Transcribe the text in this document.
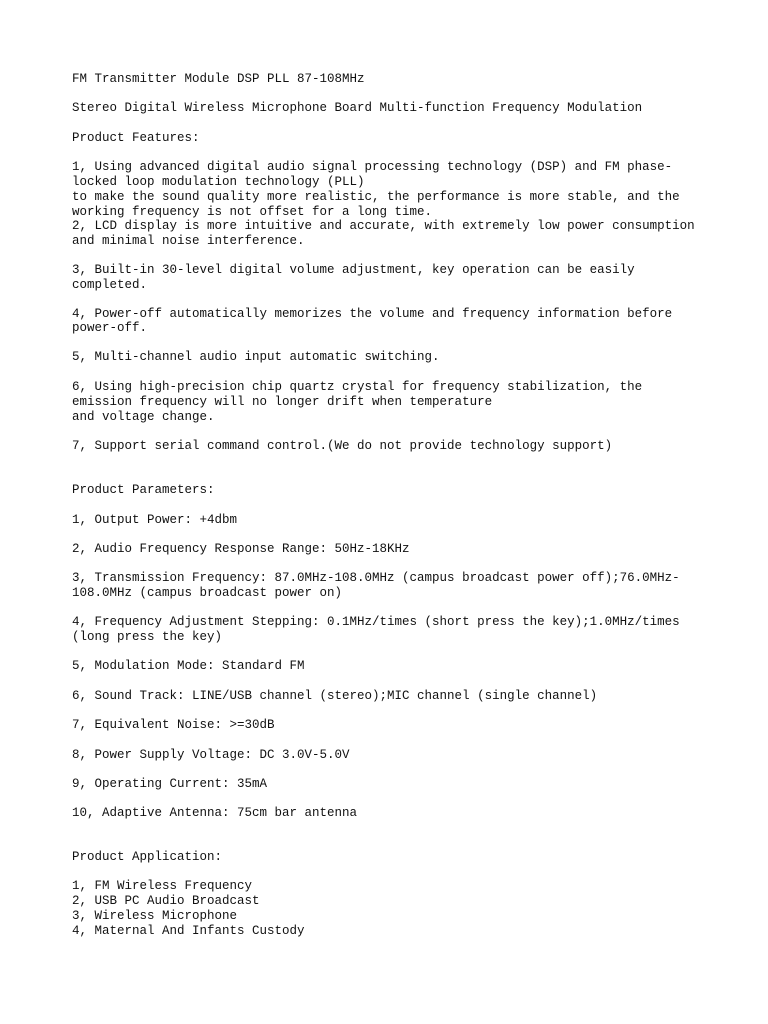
FM Transmitter Module DSP PLL 87-108MHz

Stereo Digital Wireless Microphone Board Multi-function Frequency Modulation

Product Features:

1, Using advanced digital audio signal processing technology (DSP) and FM phase-

locked loop modulation technology (PLL)

to make the sound quality more realistic, the performance is more stable, and the

working frequency is not offset for a long time.

2, LCD display is more intuitive and accurate, with extremely low power consumption

and minimal noise interference.

3, Built-in 30-level digital volume adjustment, key operation can be easily

completed.

4, Power-off automatically memorizes the volume and frequency information before

power-off.

5, Multi-channel audio input automatic switching.

6, Using high-precision chip quartz crystal for frequency stabilization, the

emission frequency will no longer drift when temperature

and voltage change.

7, Support serial command control.(We do not provide technology support)

Product Parameters:

1, Output Power: +4dbm

2, Audio Frequency Response Range: 50Hz-18KHz

3, Transmission Frequency: 87.0MHz-108.0MHz (campus broadcast power off);76.0MHz-

108.0MHz (campus broadcast power on)

4, Frequency Adjustment Stepping: 0.1MHz/times (short press the key);1.0MHz/times

(long press the key)

5, Modulation Mode: Standard FM

6, Sound Track: LINE/USB channel (stereo);MIC channel (single channel)

7, Equivalent Noise: >=30dB

8, Power Supply Voltage: DC 3.0V-5.0V

9, Operating Current: 35mA

10, Adaptive Antenna: 75cm bar antenna

Product Application:

1, FM Wireless Frequency

2, USB PC Audio Broadcast

3, Wireless Microphone

4, Maternal And Infants Custody
